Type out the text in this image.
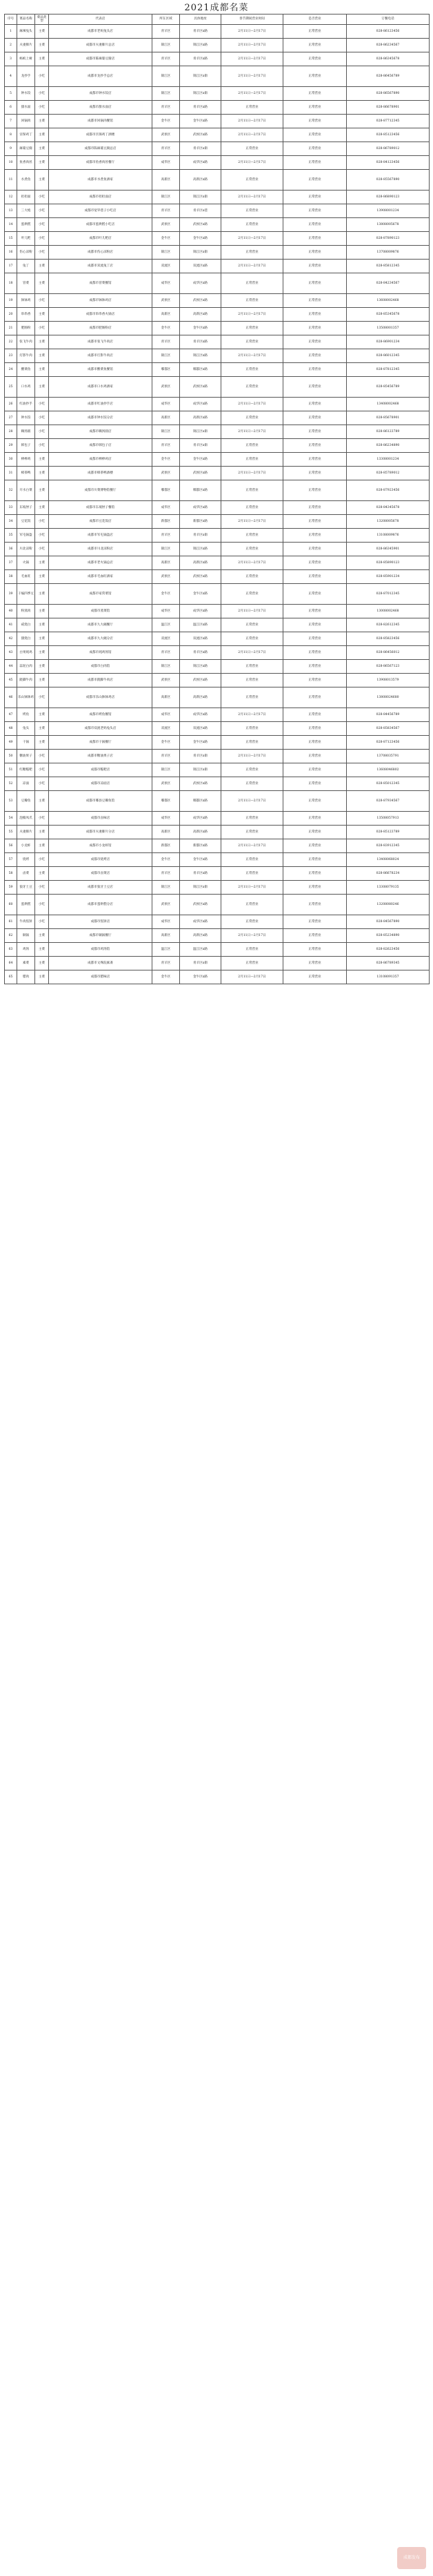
2021成都名菜
序号	菜品名称	菜品类型	代表店	所在区域	具体地址	春节期间营业时间	是否营业	订餐电话
1	麻辣兔头	主菜	成都市老妈兔头店	青羊区	青羊区x路	2月11日—2月17日	正常营业	028-86123456
2	夫妻肺片	主菜	成都市夫妻肺片总店	锦江区	锦江区x路	2月11日—2月17日	正常营业	028-86234567
3	蚂蚁上树	主菜	成都市陈麻婆豆腐店	青羊区	青羊区x路	2月11日—2月17日	正常营业	028-86345678
4	龙抄手	小吃	成都市龙抄手总店	锦江区	锦江区x街	2月11日—2月17日	正常营业	028-86456789
5	钟水饺	小吃	成都市钟水饺店	锦江区	锦江区x街	2月11日—2月17日	正常营业	028-86567890
6	甜水面	小吃	成都市甜水面店	青羊区	青羊区x路	正常营业	正常营业	028-86678901
7	回锅肉	主菜	成都市回锅肉餐馆	金牛区	金牛区x路	2月11日—2月17日	正常营业	028-87712345
8	宫保鸡丁	主菜	成都市宫保鸡丁酒楼	武侯区	武侯区x路	2月11日—2月17日	正常营业	028-85123456
9	麻婆豆腐	主菜	成都市陈麻婆豆腐总店	青羊区	青羊区x街	正常营业	正常营业	028-86789012
10	鱼香肉丝	主菜	成都市鱼香肉丝餐厅	成华区	成华区x路	2月11日—2月17日	正常营业	028-84123456
11	水煮鱼	主菜	成都市水煮鱼酒家	高新区	高新区x路	正常营业	正常营业	028-85567890
12	担担面	小吃	成都市担担面店	锦江区	锦江区x街	2月11日—2月17日	正常营业	028-86890123
13	三大炮	小吃	成都市宽窄巷子小吃店	青羊区	青羊区x巷	正常营业	正常营业	13908001234
14	蛋烘糕	小吃	成都市蛋烘糕小吃店	武侯区	武侯区x路	正常营业	正常营业	13808005678
15	叶儿粑	小吃	成都市叶儿粑店	金牛区	金牛区x路	2月11日—2月17日	正常营业	028-87890123
16	伤心凉粉	小吃	成都市伤心凉粉店	锦江区	锦江区x街	正常营业	正常营业	13708009876
17	兔丁	主菜	成都市双流兔丁店	双流区	双流区x路	2月11日—2月17日	正常营业	028-85812345
18	冒菜	主菜	成都市冒菜餐馆	成华区	成华区x路	正常营业	正常营业	028-84234567
19	钵钵鸡	小吃	成都市钵钵鸡店	武侯区	武侯区x路	正常营业	正常营业	13608002468
20	串串香	主菜	成都市串串香火锅店	高新区	高新区x路	2月11日—2月17日	正常营业	028-85345678
21	肥肠粉	小吃	成都市肥肠粉店	金牛区	金牛区x路	正常营业	正常营业	13508001357
22	张飞牛肉	主菜	成都市张飞牛肉店	青羊区	青羊区x路	正常营业	正常营业	028-86901234
23	灯影牛肉	主菜	成都市灯影牛肉店	锦江区	锦江区x路	2月11日—2月17日	正常营业	028-86012345
24	酸菜鱼	主菜	成都市酸菜鱼餐馆	郫都区	郫都区x路	正常营业	正常营业	028-87812345
25	口水鸡	主菜	成都市口水鸡酒家	武侯区	武侯区x路	正常营业	正常营业	028-85456789
26	红油抄手	小吃	成都市红油抄手店	成华区	成华区x路	2月11日—2月17日	正常营业	13408002468
27	钟水饺	小吃	成都市钟水饺分店	高新区	高新区x路	正常营业	正常营业	028-85678901
28	赖汤圆	小吃	成都市赖汤圆店	锦江区	锦江区x街	2月11日—2月17日	正常营业	028-86123789
29	韩包子	小吃	成都市韩包子店	青羊区	青羊区x街	正常营业	正常营业	028-86234890
30	棒棒鸡	主菜	成都市棒棒鸡店	金牛区	金牛区x路	正常营业	正常营业	13308001234
31	樟茶鸭	主菜	成都市樟茶鸭酒楼	武侯区	武侯区x路	2月11日—2月17日	正常营业	028-85789012
32	开水白菜	主菜	成都市川菜博物馆餐厅	郫都区	郫都区x路	正常营业	正常营业	028-87923456
33	东坡肘子	主菜	成都市东坡肘子餐馆	成华区	成华区x路	正常营业	正常营业	028-84345678
34	豆花饭	小吃	成都市豆花饭店	新都区	新都区x路	2月11日—2月17日	正常营业	13208005678
35	军屯锅盔	小吃	成都市军屯锅盔店	青羊区	青羊区x街	正常营业	正常营业	13108009876
36	川北凉粉	小吃	成都市川北凉粉店	锦江区	锦江区x路	正常营业	正常营业	028-86345901
37	火锅	主菜	成都市老火锅总店	高新区	高新区x路	2月11日—2月17日	正常营业	028-85890123
38	毛血旺	主菜	成都市毛血旺酒家	武侯区	武侯区x路	正常营业	正常营业	028-85901234
39	干煸四季豆	主菜	成都市家常菜馆	金牛区	金牛区x路	正常营业	正常营业	028-87012345
40	粉蒸肉	主菜	成都市蒸菜馆	成华区	成华区x路	2月11日—2月17日	正常营业	13008002468
41	咸烧白	主菜	成都市九大碗餐厅	温江区	温江区x路	正常营业	正常营业	028-82612345
42	甜烧白	主菜	成都市九大碗分店	双流区	双流区x路	正常营业	正常营业	028-85823456
43	白果炖鸡	主菜	成都市炖鸡汤馆	青羊区	青羊区x路	2月11日—2月17日	正常营业	028-86456012
44	蒜泥白肉	主菜	成都市白肉馆	锦江区	锦江区x路	正常营业	正常营业	028-86567123
45	跷脚牛肉	主菜	成都市跷脚牛肉店	武侯区	武侯区x路	正常营业	正常营业	13908013579
46	乐山钵钵鸡	小吃	成都市乐山钵钵鸡店	高新区	高新区x路	正常营业	正常营业	13808024680
47	烤鱼	主菜	成都市烤鱼餐馆	成华区	成华区x路	2月11日—2月17日	正常营业	028-84456789
48	兔头	主菜	成都市双流老妈兔头店	双流区	双流区x路	正常营业	正常营业	028-85834567
49	干锅	主菜	成都市干锅餐厅	金牛区	金牛区x路	正常营业	正常营业	028-87123456
50	糖油果子	小吃	成都市糖油果子店	青羊区	青羊区x街	2月11日—2月17日	正常营业	13708035791
51	红糖糍粑	小吃	成都市糍粑店	锦江区	锦江区x街	正常营业	正常营业	13608046802
52	凉面	小吃	成都市凉面店	武侯区	武侯区x路	正常营业	正常营业	028-85012345
53	豆瓣鱼	主菜	成都市郫县豆瓣鱼馆	郫都区	郫都区x路	2月11日—2月17日	正常营业	028-87934567
54	泡椒凤爪	小吃	成都市卤味店	成华区	成华区x路	正常营业	正常营业	13508057913
55	夫妻肺片	主菜	成都市夫妻肺片分店	高新区	高新区x路	正常营业	正常营业	028-85123789
56	小龙虾	主菜	成都市小龙虾馆	新都区	新都区x路	2月11日—2月17日	正常营业	028-83912345
57	烧烤	小吃	成都市烧烤店	金牛区	金牛区x路	正常营业	正常营业	13408068024
58	卤菜	主菜	成都市卤菜店	青羊区	青羊区x路	正常营业	正常营业	028-86678234
59	狼牙土豆	小吃	成都市狼牙土豆店	锦江区	锦江区x街	2月11日—2月17日	正常营业	13308079135
60	蛋烘糕	小吃	成都市蛋烘糕分店	武侯区	武侯区x路	正常营业	正常营业	13208080246
61	牛肉焦饼	小吃	成都市焦饼店	成华区	成华区x路	正常营业	正常营业	028-84567890
62	铜锅	主菜	成都市铜锅餐厅	高新区	高新区x路	2月11日—2月17日	正常营业	028-85234890
63	鸡汤	主菜	成都市鸡汤馆	温江区	温江区x路	正常营业	正常营业	028-82623456
64	素菜	主菜	成都市文殊院素斋	青羊区	青羊区x街	正常营业	正常营业	028-86789345
65	腊肉	主菜	成都市腊味店	金牛区	金牛区x路	2月11日—2月17日	正常营业	13108091357
成都发布
